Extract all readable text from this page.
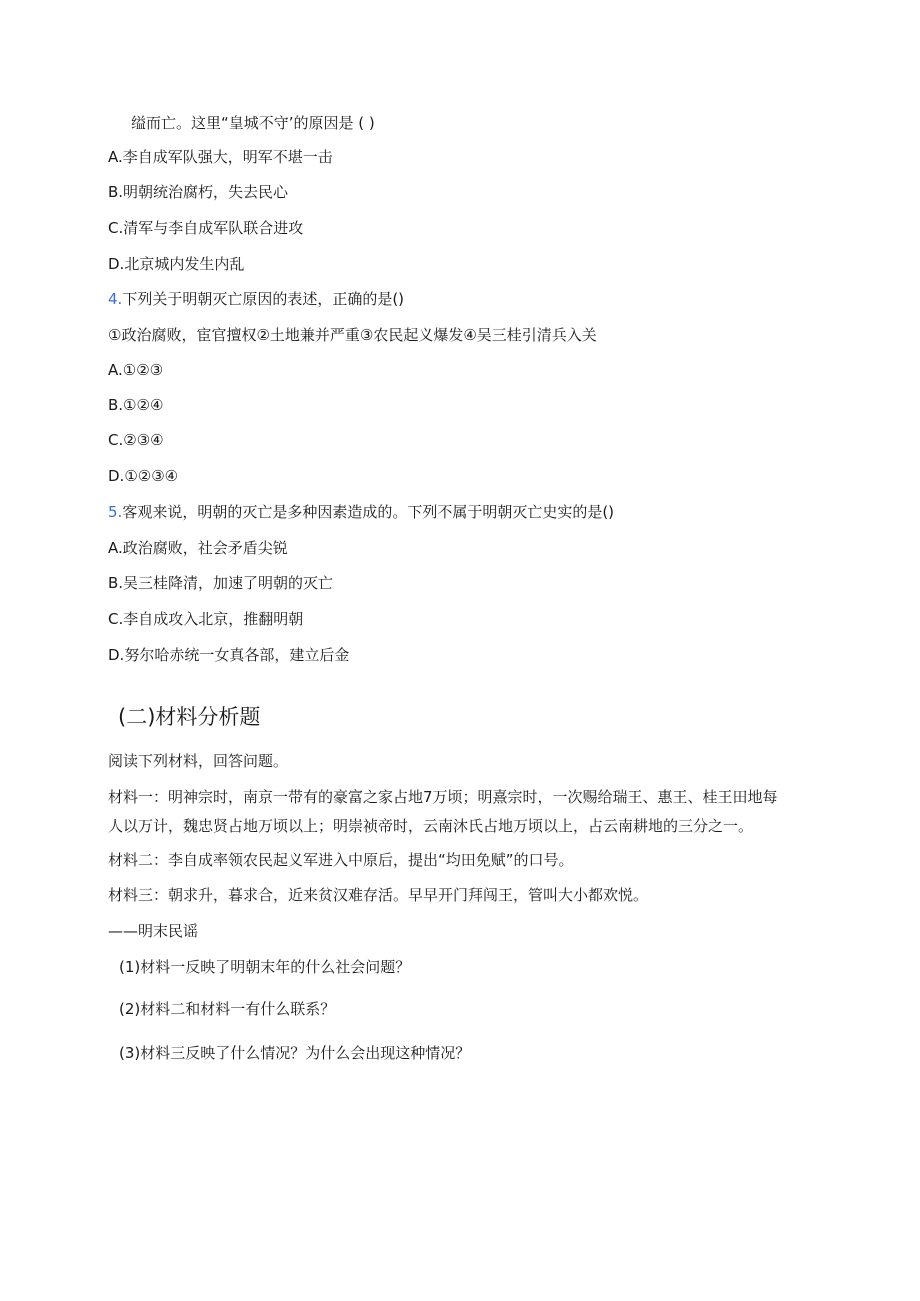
缢而亡。这里“皇城不守’的原因是 ( )
A.李自成军队强大，明军不堪一击
B.明朝统治腐朽，失去民心
C.清军与李自成军队联合进攻
D.北京城内发生内乱
4.下列关于明朝灭亡原因的表述，正确的是()
①政治腐败，宦官擅权②土地兼并严重③农民起义爆发④吴三桂引清兵入关
A.①②③
B.①②④
C.②③④
D.①②③④
5.客观来说，明朝的灭亡是多种因素造成的。下列不属于明朝灭亡史实的是()
A.政治腐败，社会矛盾尖锐
B.吴三桂降清，加速了明朝的灭亡
C.李自成攻入北京，推翻明朝
D.努尔哈赤统一女真各部，建立后金
(二)材料分析题
阅读下列材料，回答问题。
材料一：明神宗时，南京一带有的豪富之家占地7万顷；明熹宗时，一次赐给瑞王、惠王、桂王田地每
人以万计，魏忠贤占地万顷以上；明崇祯帝时，云南沐氏占地万顷以上，占云南耕地的三分之一。
材料二：李自成率领农民起义军进入中原后，提出“均田免赋”的口号。
材料三：朝求升，暮求合，近来贫汉难存活。早早开门拜闯王，管叫大小都欢悦。
——明末民谣
(1)材料一反映了明朝末年的什么社会问题？
(2)材料二和材料一有什么联系？
(3)材料三反映了什么情况？为什么会出现这种情况？
